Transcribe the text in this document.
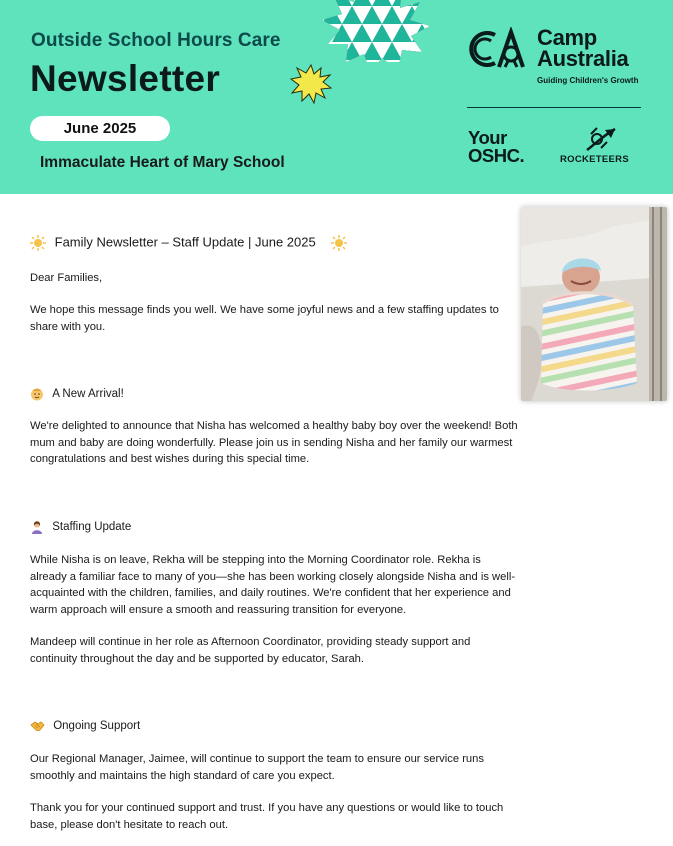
Outside School Hours Care
Newsletter
June 2025
Immaculate Heart of Mary School
Camp
Australia
Guiding Children's Growth
Your
OSHC.	ROCKETEERS
Family Newsletter – Staff Update | June 2025

Dear Families,

We hope this message finds you well. We have some joyful news and a few staffing updates to share with you.

A New Arrival!

We're delighted to announce that Nisha has welcomed a healthy baby boy over the weekend! Both mum and baby are doing wonderfully. Please join us in sending Nisha and her family our warmest congratulations and best wishes during this special time.

Staffing Update

While Nisha is on leave, Rekha will be stepping into the Morning Coordinator role. Rekha is already a familiar face to many of you—she has been working closely alongside Nisha and is well-acquainted with the children, families, and daily routines. We're confident that her experience and warm approach will ensure a smooth and reassuring transition for everyone.

Mandeep will continue in her role as Afternoon Coordinator, providing steady support and continuity throughout the day and be supported by educator, Sarah.

Ongoing Support

Our Regional Manager, Jaimee, will continue to support the team to ensure our service runs smoothly and maintains the high standard of care you expect.

Thank you for your continued support and trust. If you have any questions or would like to touch base, please don't hesitate to reach out.
